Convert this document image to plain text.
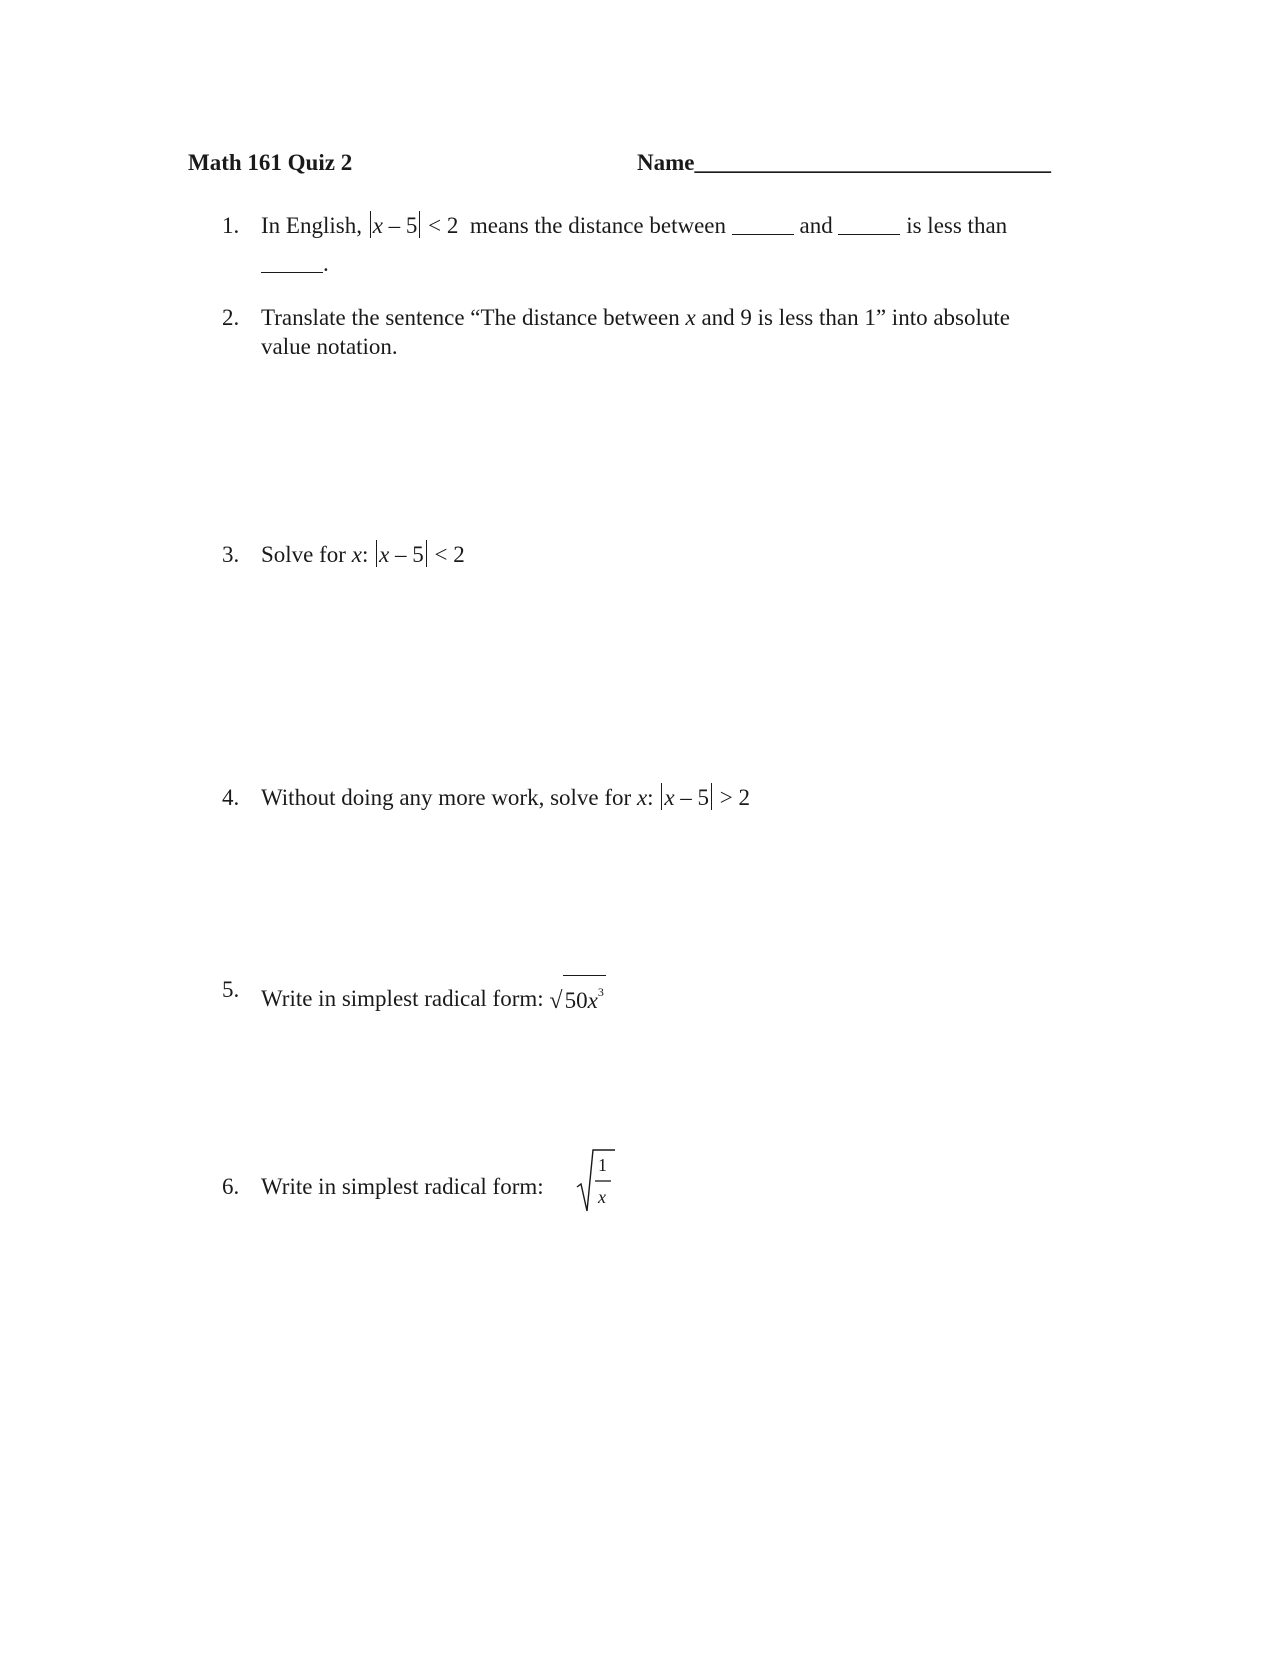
Math 161 Quiz 2	Name_______________________________
1. In English, x – 5 < 2 means the distance between	and	is less than
.
2. Translate the sentence “The distance between x and 9 is less than 1” into absolute
value notation.
3. Solve for x: x – 5 < 2
4. Without doing any more work, solve for x: x – 5 > 2
5. Write in simplest radical form: $√50x^3$
6. Write in simplest radical form:
1
x
